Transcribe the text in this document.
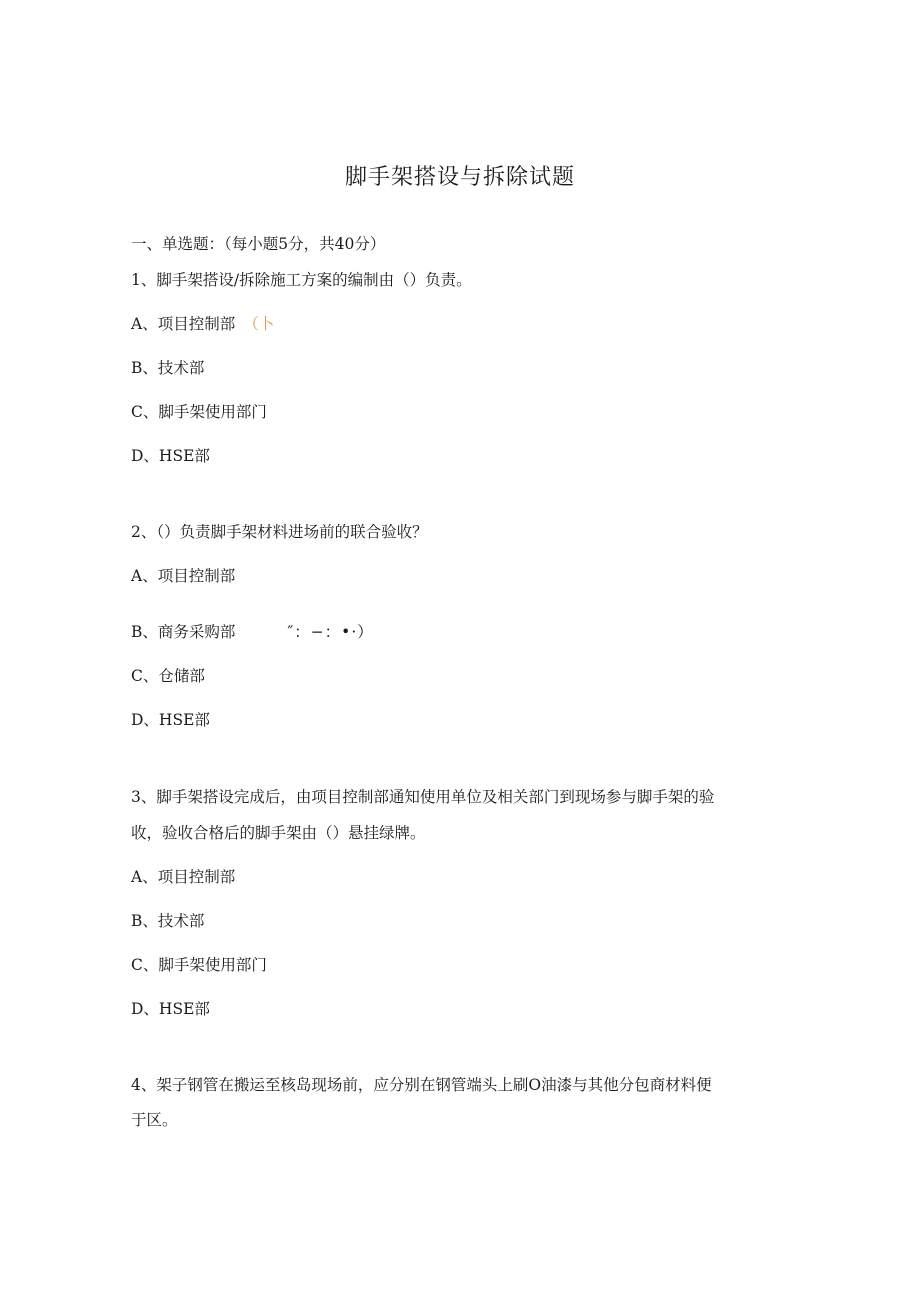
脚手架搭设与拆除试题
一、单选题：（每小题5分，共40分）
1、脚手架搭设/拆除施工方案的编制由（）负责。
A、项目控制部 （卜
B、技术部
C、脚手架使用部门
D、HSE部
2、（）负责脚手架材料进场前的联合验收？
A、项目控制部
B、商务采购部	″：−：•·）
C、仓储部
D、HSE部
3、脚手架搭设完成后，由项目控制部通知使用单位及相关部门到现场参与脚手架的验
收，验收合格后的脚手架由（）悬挂绿牌。
A、项目控制部
B、技术部
C、脚手架使用部门
D、HSE部
4、架子钢管在搬运至核岛现场前，应分别在钢管端头上刷O油漆与其他分包商材料便
于区。
